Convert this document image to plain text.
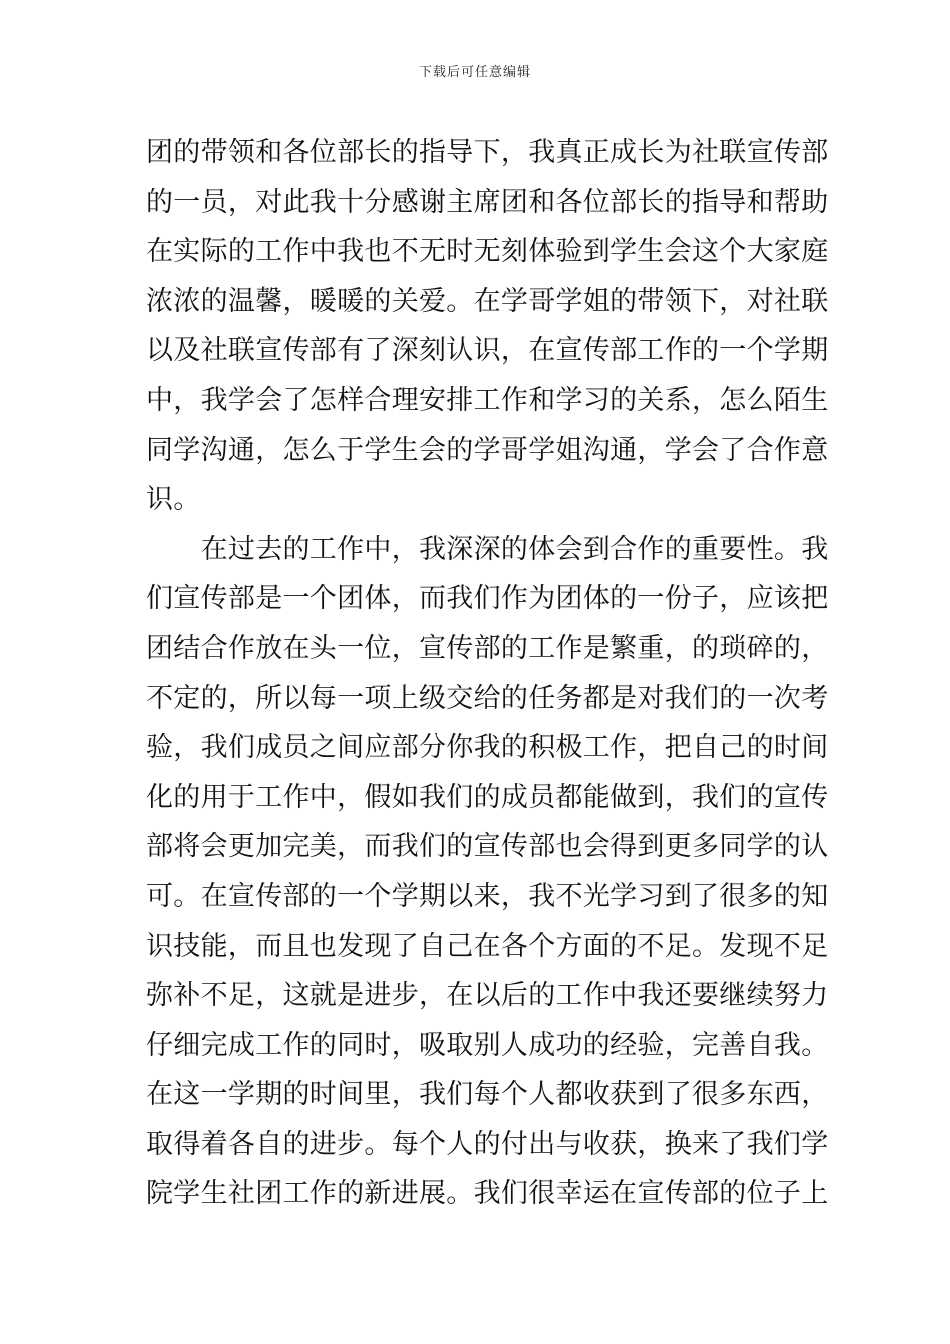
下载后可任意编辑
团的带领和各位部长的指导下，我真正成长为社联宣传部
的一员，对此我十分感谢主席团和各位部长的指导和帮助
在实际的工作中我也不无时无刻体验到学生会这个大家庭
浓浓的温馨，暖暖的关爱。在学哥学姐的带领下，对社联
以及社联宣传部有了深刻认识，在宣传部工作的一个学期
中，我学会了怎样合理安排工作和学习的关系，怎么陌生
同学沟通，怎么于学生会的学哥学姐沟通，学会了合作意
识。
　　在过去的工作中，我深深的体会到合作的重要性。我
们宣传部是一个团体，而我们作为团体的一份子，应该把
团结合作放在头一位，宣传部的工作是繁重，的琐碎的，
不定的，所以每一项上级交给的任务都是对我们的一次考
验，我们成员之间应部分你我的积极工作，把自己的时间
化的用于工作中，假如我们的成员都能做到，我们的宣传
部将会更加完美，而我们的宣传部也会得到更多同学的认
可。在宣传部的一个学期以来，我不光学习到了很多的知
识技能，而且也发现了自己在各个方面的不足。发现不足
弥补不足，这就是进步，在以后的工作中我还要继续努力
仔细完成工作的同时，吸取别人成功的经验，完善自我。
在这一学期的时间里，我们每个人都收获到了很多东西，
取得着各自的进步。每个人的付出与收获，换来了我们学
院学生社团工作的新进展。我们很幸运在宣传部的位子上
